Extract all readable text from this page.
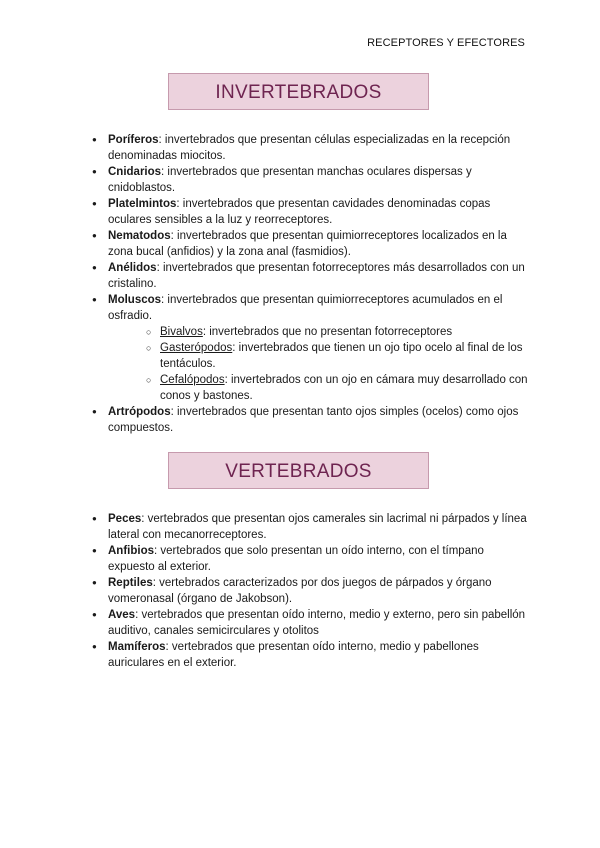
RECEPTORES Y EFECTORES
INVERTEBRADOS
● Poríferos: invertebrados que presentan células especializadas en la recepción denominadas miocitos.
● Cnidarios: invertebrados que presentan manchas oculares dispersas y cnidoblastos.
● Platelmintos: invertebrados que presentan cavidades denominadas copas oculares sensibles a la luz y reorreceptores.
● Nematodos: invertebrados que presentan quimiorreceptores localizados en la zona bucal (anfidios) y la zona anal (fasmidios).
● Anélidos: invertebrados que presentan fotorreceptores más desarrollados con un cristalino.
● Moluscos: invertebrados que presentan quimiorreceptores acumulados en el osfradio.
○ Bivalvos: invertebrados que no presentan fotorreceptores
○ Gasterópodos: invertebrados que tienen un ojo tipo ocelo al final de los tentáculos.
○ Cefalópodos: invertebrados con un ojo en cámara muy desarrollado con conos y bastones.
● Artrópodos: invertebrados que presentan tanto ojos simples (ocelos) como ojos compuestos.
VERTEBRADOS
● Peces: vertebrados que presentan ojos camerales sin lacrimal ni párpados y línea lateral con mecanorreceptores.
● Anfibios: vertebrados que solo presentan un oído interno, con el tímpano expuesto al exterior.
● Reptiles: vertebrados caracterizados por dos juegos de párpados y órgano vomeronasal (órgano de Jakobson).
● Aves: vertebrados que presentan oído interno, medio y externo, pero sin pabellón auditivo, canales semicirculares y otolitos
● Mamíferos: vertebrados que presentan oído interno, medio y pabellones auriculares en el exterior.
